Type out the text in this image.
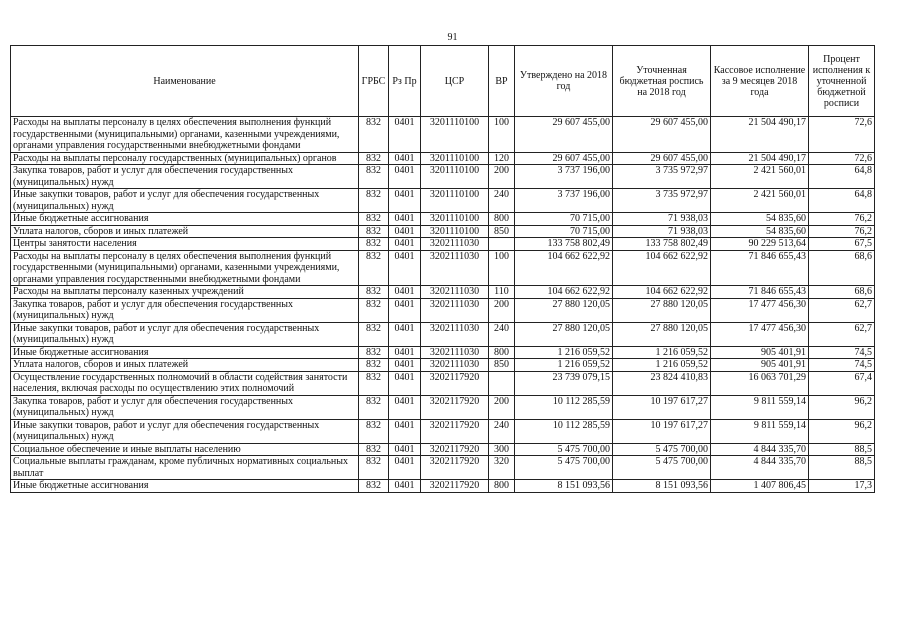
91
Наименование	ГРБС	Рз Пр	ЦСР	ВР	Утверждено на 2018 год	Уточненная бюджетная роспись на 2018 год	Кассовое исполнение за 9 месяцев 2018 года	Процент исполнения к уточненной бюджетной росписи
Расходы на выплаты персоналу в целях обеспечения выполнения функций государственными (муниципальными) органами, казенными учреждениями, органами управления государственными внебюджетными фондами	832	0401	3201110100	100	29 607 455,00	29 607 455,00	21 504 490,17	72,6
Расходы на выплаты персоналу государственных (муниципальных) органов	832	0401	3201110100	120	29 607 455,00	29 607 455,00	21 504 490,17	72,6
Закупка товаров, работ и услуг для обеспечения государственных (муниципальных) нужд	832	0401	3201110100	200	3 737 196,00	3 735 972,97	2 421 560,01	64,8
Иные закупки товаров, работ и услуг для обеспечения государственных (муниципальных) нужд	832	0401	3201110100	240	3 737 196,00	3 735 972,97	2 421 560,01	64,8
Иные бюджетные ассигнования	832	0401	3201110100	800	70 715,00	71 938,03	54 835,60	76,2
Уплата налогов, сборов и иных платежей	832	0401	3201110100	850	70 715,00	71 938,03	54 835,60	76,2
Центры занятости населения	832	0401	3202111030		133 758 802,49	133 758 802,49	90 229 513,64	67,5
Расходы на выплаты персоналу в целях обеспечения выполнения функций государственными (муниципальными) органами, казенными учреждениями, органами управления государственными внебюджетными фондами	832	0401	3202111030	100	104 662 622,92	104 662 622,92	71 846 655,43	68,6
Расходы на выплаты персоналу казенных учреждений	832	0401	3202111030	110	104 662 622,92	104 662 622,92	71 846 655,43	68,6
Закупка товаров, работ и услуг для обеспечения государственных (муниципальных) нужд	832	0401	3202111030	200	27 880 120,05	27 880 120,05	17 477 456,30	62,7
Иные закупки товаров, работ и услуг для обеспечения государственных (муниципальных) нужд	832	0401	3202111030	240	27 880 120,05	27 880 120,05	17 477 456,30	62,7
Иные бюджетные ассигнования	832	0401	3202111030	800	1 216 059,52	1 216 059,52	905 401,91	74,5
Уплата налогов, сборов и иных платежей	832	0401	3202111030	850	1 216 059,52	1 216 059,52	905 401,91	74,5
Осуществление государственных полномочий в области содействия занятости населения, включая расходы по осуществлению этих полномочий	832	0401	3202117920		23 739 079,15	23 824 410,83	16 063 701,29	67,4
Закупка товаров, работ и услуг для обеспечения государственных (муниципальных) нужд	832	0401	3202117920	200	10 112 285,59	10 197 617,27	9 811 559,14	96,2
Иные закупки товаров, работ и услуг для обеспечения государственных (муниципальных) нужд	832	0401	3202117920	240	10 112 285,59	10 197 617,27	9 811 559,14	96,2
Социальное обеспечение и иные выплаты населению	832	0401	3202117920	300	5 475 700,00	5 475 700,00	4 844 335,70	88,5
Социальные выплаты гражданам, кроме публичных нормативных социальных выплат	832	0401	3202117920	320	5 475 700,00	5 475 700,00	4 844 335,70	88,5
Иные бюджетные ассигнования	832	0401	3202117920	800	8 151 093,56	8 151 093,56	1 407 806,45	17,3
